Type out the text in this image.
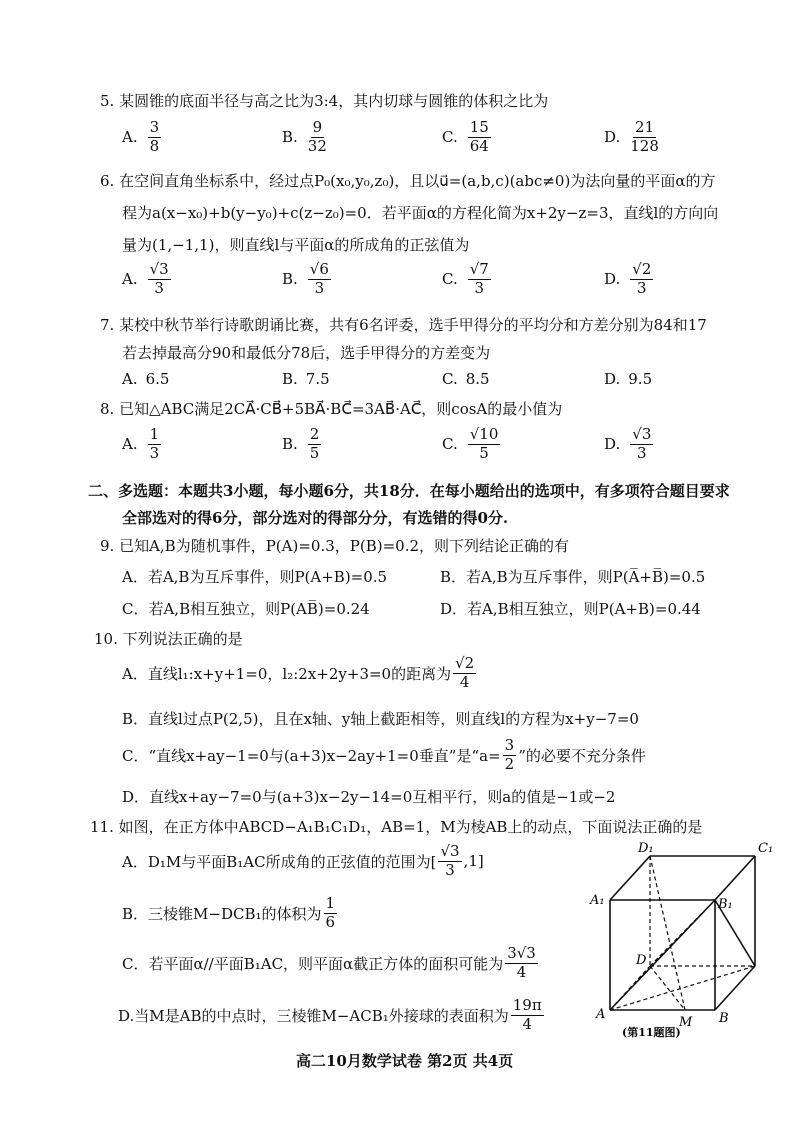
5. 某圆锥的底面半径与高之比为3:4，其内切球与圆锥的体积之比为
A. $\frac{3}{8}$	B. $\frac{9}{32}$	C. $\frac{15}{64}$	D. $\frac{21}{128}$
6. 在空间直角坐标系中，经过点P₀(x₀,y₀,z₀)，且以u⃗=(a,b,c)(abc≠0)为法向量的平面α的方
程为a(x−x₀)+b(y−y₀)+c(z−z₀)=0．若平面α的方程化简为x+2y−z=3，直线l的方向向
量为(1,−1,1)，则直线l与平面α的所成角的正弦值为
A. $\frac{√3}{3}$	B. $\frac{√6}{3}$	C. $\frac{√7}{3}$	D. $\frac{√2}{3}$
7. 某校中秋节举行诗歌朗诵比赛，共有6名评委，选手甲得分的平均分和方差分别为84和17
若去掉最高分90和最低分78后，选手甲得分的方差变为
A. 6.5	B. 7.5	C. 8.5	D. 9.5
8. 已知△ABC满足2CA⃗·CB⃗+5BA⃗·BC⃗=3AB⃗·AC⃗，则cosA的最小值为
A. $\frac{1}{3}$	B. $\frac{2}{5}$	C. $\frac{√10}{5}$	D. $\frac{√3}{3}$
二、多选题：本题共3小题，每小题6分，共18分．在每小题给出的选项中，有多项符合题目要求
全部选对的得6分，部分选对的得部分分，有选错的得0分.
9. 已知A,B为随机事件，P(A)=0.3，P(B)=0.2，则下列结论正确的有
A．若A,B为互斥事件，则P(A+B)=0.5	B．若A,B为互斥事件，则P(A̅+B̅)=0.5
C．若A,B相互独立，则P(AB̅)=0.24	D．若A,B相互独立，则P(A+B)=0.44
10. 下列说法正确的是
A．直线l₁:x+y+1=0，l₂:2x+2y+3=0的距离为 $\frac{√2}{4}$
B．直线l过点P(2,5)，且在x轴、y轴上截距相等，则直线l的方程为x+y−7=0
C．“直线x+ay−1=0与(a+3)x−2ay+1=0垂直”是“$a= \frac{3}{2}$ ”的必要不充分条件
D．直线x+ay−7=0与(a+3)x−2y−14=0互相平行，则a的值是−1或−2
11. 如图，在正方体中ABCD−A₁B₁C₁D₁，AB=1，M为棱AB上的动点，下面说法正确的是
A．D₁M与平面B₁AC所成角的正弦值的范围为[ $\frac{√3}{3} ,1$]
B．三棱锥M−DCB₁的体积为 $\frac{1}{6}$
C．若平面α//平面B₁AC，则平面α截正方体的面积可能为 $\frac{3√3}{4}$
D.当M是AB的中点时，三棱锥M−ACB₁外接球的表面积为 $\frac{19\pi}{4}$
D₁	C₁
A₁	B₁
D
A
M B
(第11题图)
高二10月数学试卷 第2页 共4页
